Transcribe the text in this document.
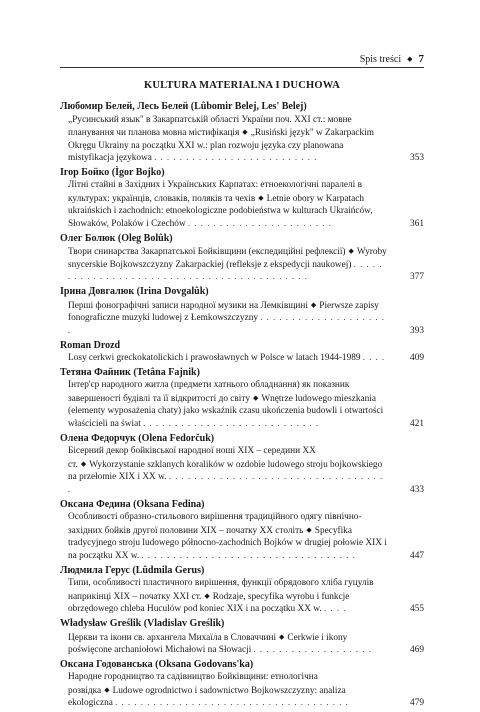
Spis treści ◆ 7
KULTURA MATERIALNA I DUCHOWA
Любомир Белей, Лесь Белей (Lûbomir Belej, Les' Belej)
„Русинський язык" в Закарпатській області України поч. XXI ст.: мовне планування чи планова мовна містифікація ◆ „Rusiński język" w Zakarpackim Okręgu Ukrainy na początku XXI w.: plan rozwoju języka czy planowana mistyfikacja językowa . . . . . . . . . . . . . . . . . . . . . . . . . .	353
Ігор Бойко (Ìgor Bojko)
Літні стайні в Західних і Українських Карпатах: етноекологічні паралелі в культурах: українців, словаків, поляків та чехів ◆ Letnie obory w Karpatach ukraińskich i zachodnich: etnoekologiczne podobieństwa w kulturach Ukraińców, Słowaków, Polaków i Czechów . . . . . . . . . . . . . . . . . . . . . . .	361
Олег Болюк (Oleg Bolûk)
Твори снинарства Закарпатської Бойківщини (експедиційні рефлексії) ◆ Wyroby snycerskie Bojkowszczyzny Zakarpackiej (refleksje z ekspedycji naukowej) . . . . . . . . . . . . . . . . . . . . . . . . . . . . . . . . . . . . . . . . . . .	377
Ірина Довгалюк (Irina Dovgalûk)
Перші фонографічні записи народної музики на Лемківщині ◆ Pierwsze zapisy fonograficzne muzyki ludowej z Łemkowszczyzny . . . . . . . . . . . . . . . . . . . . .	393
Roman Drozd
Losy cerkwi greckokatolickich i prawosławnych w Polsce w latach 1944-1989 . . . .	409
Тетяна Файник (Tetâna Fajnik)
Інтер'єр народного житла (предмети хатнього обладнання) як показник завершеності будівлі та її відкритості до світу ◆ Wnętrze ludowego mieszkania (elementy wyposażenia chaty) jako wskaźnik czasu ukończenia budowli i otwartości właścicieli na świat . . . . . . . . . . . . . . . . . . . . . . . . . . . .	421
Олена Федорчук (Olena Fedorčuk)
Бісерний декор бойківської народної ноші XIX – середини XX ст. ◆ Wykorzystanie szklanych koralików w ozdobie ludowego stroju bojkowskiego na przełomie XIX i XX w. . . . . . . . . . . . . . . . . . . . . . . . . . . . . . . . . . . .	433
Оксана Федина (Oksana Fedina)
Особливості образно-стильового вирішення традиційного одягу північно-західних бойків другої половини XIX – початку XX століть ◆ Specyfika tradycyjnego stroju ludowego północno-zachodnich Bojków w drugiej połowie XIX i na początku XX w. . . . . . . . . . . . . . . . . . . . . . . . . . . . . . . . . . .	447
Людмила Герус (Lûdmila Gerus)
Типи, особливості пластичного вирішення, функції обрядового хліба гуцулів наприкінці XIX – початку XXI ст. ◆ Rodzaje, specyfika wyrobu i funkcje obrzędowego chleba Huculów pod koniec XIX i na początku XX w. . . . .	455
Władysław Greślik (Vladislav Greślik)
Церкви та ікони св. архангела Михаїла в Словаччині ◆ Cerkwie i ikony poświęcone archaniołowi Michałowi na Słowacji . . . . . . . . . . . . . . . . . . .	469
Оксана Годованська (Oksana Godovans'ka)
Народне городництво та садівництво Бойківщини: етнологічна розвідка ◆ Ludowe ogrodnictwo i sadownictwo Bojkowszczyzny: analiza ekologiczna . . . . . . . . . . . . . . . . . . . . . . . . . . . . . . . . . . . . .	479
